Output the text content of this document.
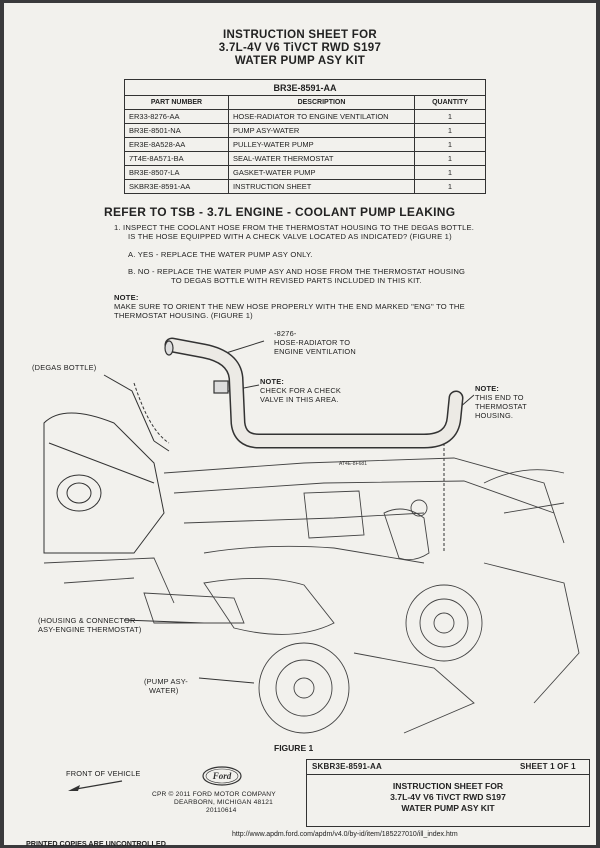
INSTRUCTION SHEET FOR
3.7L-4V V6 TiVCT RWD S197
WATER PUMP ASY KIT
BR3E-8591-AA		
PART NUMBER	DESCRIPTION	QUANTITY
ER33-8276-AA	HOSE-RADIATOR TO ENGINE VENTILATION	1
BR3E-8501-NA	PUMP ASY-WATER	1
ER3E-8A528-AA	PULLEY-WATER PUMP	1
7T4E-8A571-BA	SEAL-WATER THERMOSTAT	1
BR3E-8507-LA	GASKET-WATER PUMP	1
SKBR3E-8591-AA	INSTRUCTION SHEET	1
REFER TO TSB - 3.7L ENGINE - COOLANT PUMP LEAKING
1. INSPECT THE COOLANT HOSE FROM THE THERMOSTAT HOUSING TO THE DEGAS BOTTLE.
IS THE HOSE EQUIPPED WITH A CHECK VALVE LOCATED AS INDICATED? (FIGURE 1)
A. YES - REPLACE THE WATER PUMP ASY ONLY.
B. NO - REPLACE THE WATER PUMP ASY AND HOSE FROM THE THERMOSTAT HOUSING
TO DEGAS BOTTLE WITH REVISED PARTS INCLUDED IN THIS KIT.
NOTE:
MAKE SURE TO ORIENT THE NEW HOSE PROPERLY WITH THE END MARKED "ENG" TO THE
THERMOSTAT HOUSING. (FIGURE 1)
AT4E-8F681
-8276-
HOSE-RADIATOR TO
ENGINE VENTILATION
(DEGAS BOTTLE)
NOTE:
CHECK FOR A CHECK
VALVE IN THIS AREA.
NOTE:
THIS END TO
THERMOSTAT
HOUSING.
(HOUSING & CONNECTOR
ASY-ENGINE THERMOSTAT)
(PUMP ASY-
WATER)
FIGURE 1
FRONT OF VEHICLE	Ford
CPR © 2011 FORD MOTOR COMPANY
DEARBORN, MICHIGAN 48121
20110614
SKBR3E-8591-AA	SHEET 1 OF 1
INSTRUCTION SHEET FOR
3.7L-4V V6 TiVCT RWD S197
WATER PUMP ASY KIT
http://www.apdm.ford.com/apdm/v4.0/by-id/item/185227010/ill_index.htm
PRINTED COPIES ARE UNCONTROLLED
